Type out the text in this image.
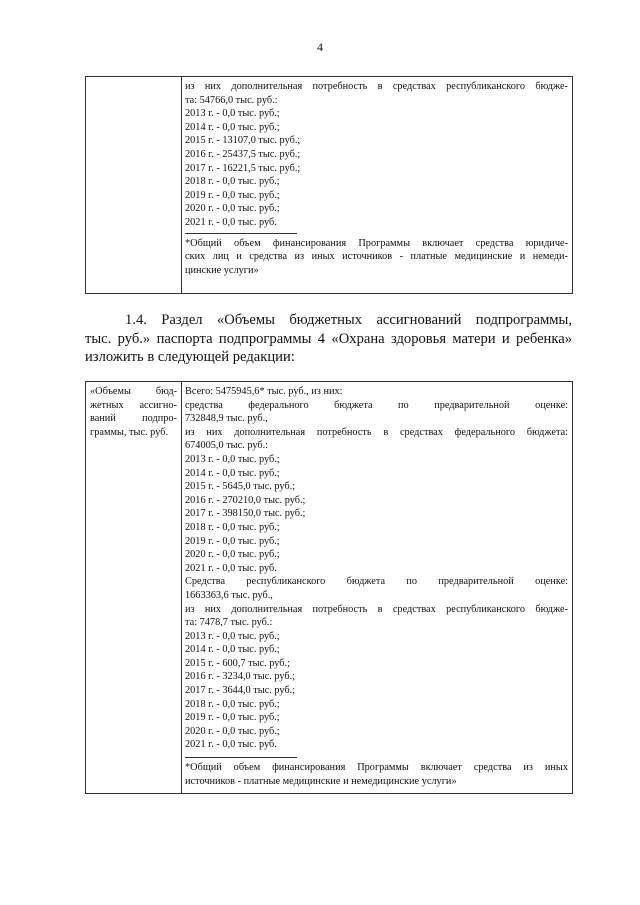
4

из них дополнительная потребность в средствах республиканского бюдже-
та: 54766,0 тыс. руб.:
2013 г. - 0,0 тыс. руб.;
2014 г. - 0,0 тыс. руб.;
2015 г. - 13107,0 тыс. руб.;
2016 г. - 25437,5 тыс. руб.;
2017 г. - 16221,5 тыс. руб.;
2018 г. - 0,0 тыс. руб.;
2019 г. - 0,0 тыс. руб.;
2020 г. - 0,0 тыс. руб.;
2021 г. - 0,0 тыс. руб.
*Общий объем финансирования Программы включает средства юридиче-
ских лиц и средства из иных источников - платные медицинские и немеди-
цинские услуги»
1.4. Раздел «Объемы бюджетных ассигнований подпрограммы,
тыс. руб.» паспорта подпрограммы 4 «Охрана здоровья матери и ребенка»
изложить в следующей редакции:
«Объемы бюд-
жетных ассигно-
ваний подпро-
граммы, тыс. руб.

Всего: 5475945,6* тыс. руб., из них:
средства федерального бюджета по предварительной оценке:
732848,9 тыс. руб.,
из них дополнительная потребность в средствах федерального бюджета:
674005,0 тыс. руб.:
2013 г. - 0,0 тыс. руб.;
2014 г. - 0,0 тыс. руб.;
2015 г. - 5645,0 тыс. руб.;
2016 г. - 270210,0 тыс. руб.;
2017 г. - 398150,0 тыс. руб.;
2018 г. - 0,0 тыс. руб.;
2019 г. - 0,0 тыс. руб.;
2020 г. - 0,0 тыс. руб.;
2021 г. - 0,0 тыс. руб.
Средства республиканского бюджета по предварительной оценке:
1663363,6 тыс. руб.,
из них дополнительная потребность в средствах республиканского бюдже-
та: 7478,7 тыс. руб.:
2013 г. - 0,0 тыс. руб.;
2014 г. - 0,0 тыс. руб.;
2015 г. - 600,7 тыс. руб.;
2016 г. - 3234,0 тыс. руб.;
2017 г. - 3644,0 тыс. руб.;
2018 г. - 0,0 тыс. руб.;
2019 г. - 0,0 тыс. руб.;
2020 г. - 0,0 тыс. руб.;
2021 г. - 0,0 тыс. руб.
*Общий объем финансирования Программы включает средства из иных
источников - платные медицинские и немедицинские услуги»
